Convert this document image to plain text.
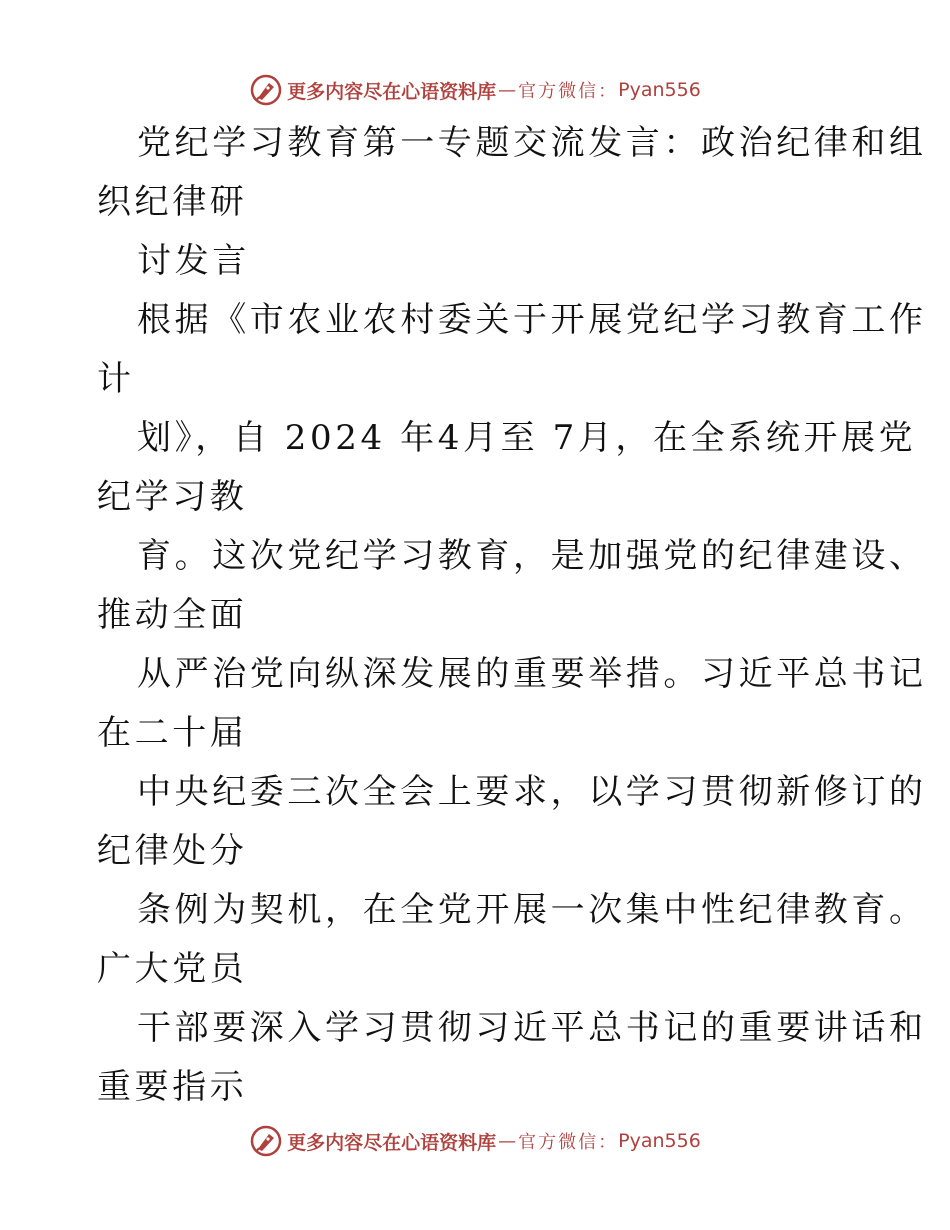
更多内容尽在心语资料库 — 官方微信： Pyan556
党纪学习教育第一专题交流发言：政治纪律和组
织纪律研
讨发言
根据《市农业农村委关于开展党纪学习教育工作
计
划》，自 2024 年4月至 7月，在全系统开展党
纪学习教
育。这次党纪学习教育，是加强党的纪律建设、
推动全面
从严治党向纵深发展的重要举措。习近平总书记
在二十届
中央纪委三次全会上要求，以学习贯彻新修订的
纪律处分
条例为契机，在全党开展一次集中性纪律教育。
广大党员
干部要深入学习贯彻习近平总书记的重要讲话和
重要指示
更多内容尽在心语资料库 — 官方微信： Pyan556
